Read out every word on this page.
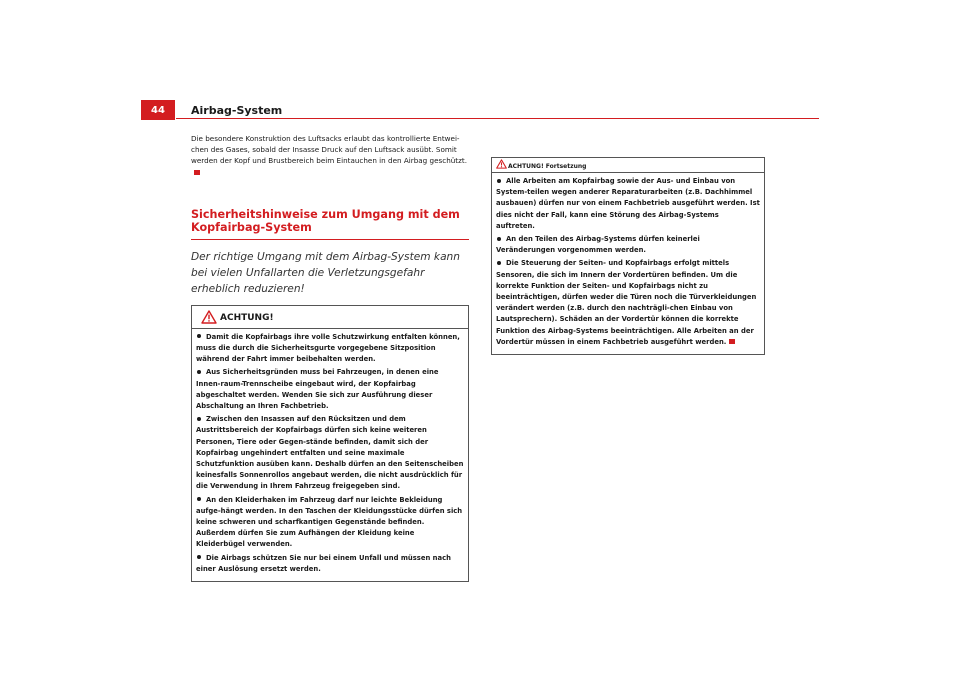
44	Airbag-System

Die besondere Konstruktion des Luftsacks erlaubt das kontrollierte Entwei-chen des Gases, sobald der Insasse Druck auf den Luftsack ausübt. Somit werden der Kopf und Brustbereich beim Eintauchen in den Airbag geschützt.

Sicherheitshinweise zum Umgang mit dem Kopfairbag-System
Der richtige Umgang mit dem Airbag-System kann bei vielen Unfallarten die Verletzungsgefahr erheblich reduzieren!
ACHTUNG!
Damit die Kopfairbags ihre volle Schutzwirkung entfalten können, muss die durch die Sicherheitsgurte vorgegebene Sitzposition während der Fahrt immer beibehalten werden.
Aus Sicherheitsgründen muss bei Fahrzeugen, in denen eine Innen-raum-Trennscheibe eingebaut wird, der Kopfairbag abgeschaltet werden. Wenden Sie sich zur Ausführung dieser Abschaltung an Ihren Fachbetrieb.
Zwischen den Insassen auf den Rücksitzen und dem Austrittsbereich der Kopfairbags dürfen sich keine weiteren Personen, Tiere oder Gegen-stände befinden, damit sich der Kopfairbag ungehindert entfalten und seine maximale Schutzfunktion ausüben kann. Deshalb dürfen an den Seitenscheiben keinesfalls Sonnenrollos angebaut werden, die nicht ausdrücklich für die Verwendung in Ihrem Fahrzeug freigegeben sind.
An den Kleiderhaken im Fahrzeug darf nur leichte Bekleidung aufge-hängt werden. In den Taschen der Kleidungsstücke dürfen sich keine schweren und scharfkantigen Gegenstände befinden. Außerdem dürfen Sie zum Aufhängen der Kleidung keine Kleiderbügel verwenden.
Die Airbags schützen Sie nur bei einem Unfall und müssen nach einer Auslösung ersetzt werden.
ACHTUNG! Fortsetzung
Alle Arbeiten am Kopfairbag sowie der Aus- und Einbau von System-teilen wegen anderer Reparaturarbeiten (z.B. Dachhimmel ausbauen) dürfen nur von einem Fachbetrieb ausgeführt werden. Ist dies nicht der Fall, kann eine Störung des Airbag-Systems auftreten.
An den Teilen des Airbag-Systems dürfen keinerlei Veränderungen vorgenommen werden.
Die Steuerung der Seiten- und Kopfairbags erfolgt mittels Sensoren, die sich im Innern der Vordertüren befinden. Um die korrekte Funktion der Seiten- und Kopfairbags nicht zu beeinträchtigen, dürfen weder die Türen noch die Türverkleidungen verändert werden (z.B. durch den nachträgli-chen Einbau von Lautsprechern). Schäden an der Vordertür können die korrekte Funktion des Airbag-Systems beeinträchtigen. Alle Arbeiten an der Vordertür müssen in einem Fachbetrieb ausgeführt werden.
